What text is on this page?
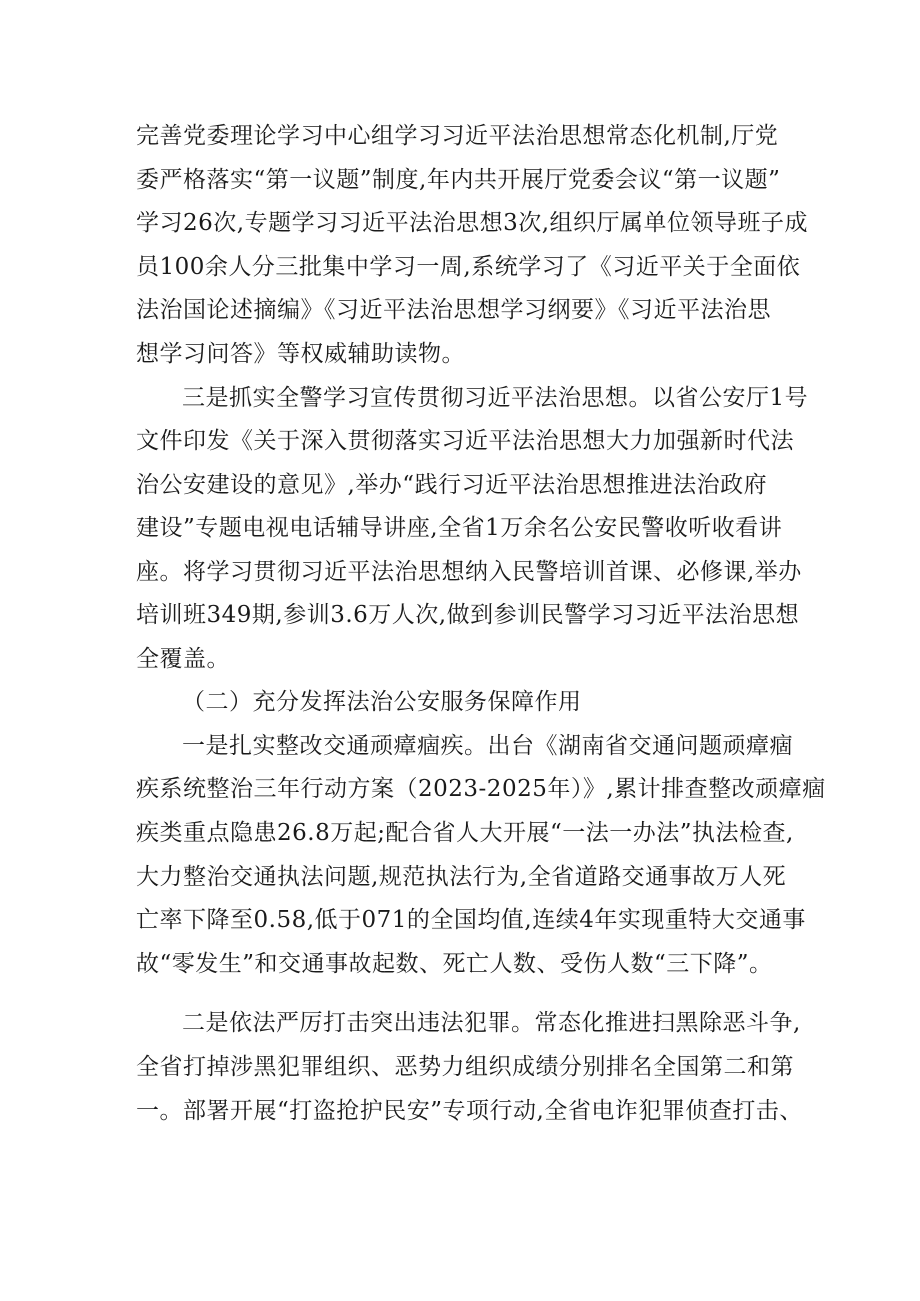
完善党委理论学习中心组学习习近平法治思想常态化机制,厅党
委严格落实“第一议题”制度,年内共开展厅党委会议“第一议题”
学习26次,专题学习习近平法治思想3次,组织厅属单位领导班子成
员100余人分三批集中学习一周,系统学习了《习近平关于全面依
法治国论述摘编》《习近平法治思想学习纲要》《习近平法治思
想学习问答》等权威辅助读物。
三是抓实全警学习宣传贯彻习近平法治思想。以省公安厅1号
文件印发《关于深入贯彻落实习近平法治思想大力加强新时代法
治公安建设的意见》,举办“践行习近平法治思想推进法治政府
建设”专题电视电话辅导讲座,全省1万余名公安民警收听收看讲
座。将学习贯彻习近平法治思想纳入民警培训首课、必修课,举办
培训班349期,参训3.6万人次,做到参训民警学习习近平法治思想
全覆盖。
（二）充分发挥法治公安服务保障作用
一是扎实整改交通顽瘴痼疾。出台《湖南省交通问题顽瘴痼
疾系统整治三年行动方案（2023-2025年）》,累计排查整改顽瘴痼
疾类重点隐患26.8万起;配合省人大开展“一法一办法”执法检查,
大力整治交通执法问题,规范执法行为,全省道路交通事故万人死
亡率下降至0.58,低于071的全国均值,连续4年实现重特大交通事
故“零发生”和交通事故起数、死亡人数、受伤人数“三下降”。
二是依法严厉打击突出违法犯罪。常态化推进扫黑除恶斗争,
全省打掉涉黑犯罪组织、恶势力组织成绩分别排名全国第二和第
一。部署开展“打盗抢护民安”专项行动,全省电诈犯罪侦查打击、
